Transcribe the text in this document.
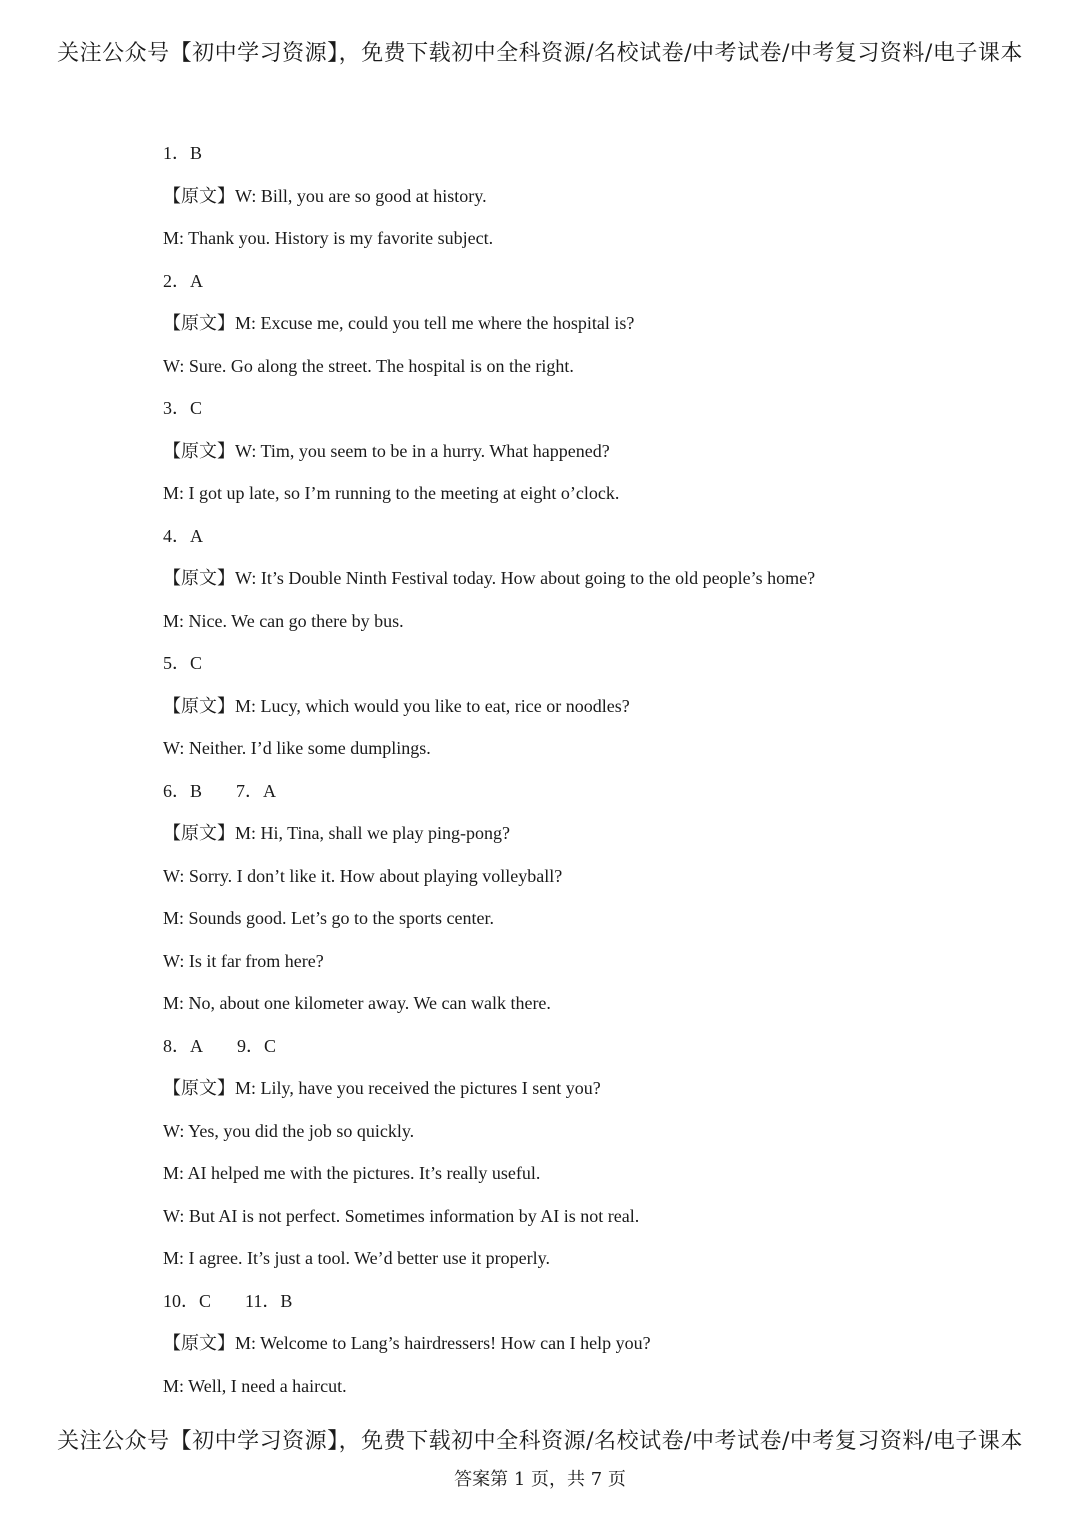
关注公众号【初中学习资源】，免费下载初中全科资源/名校试卷/中考试卷/中考复习资料/电子课本
1．B
【原文】W: Bill, you are so good at history.
M: Thank you. History is my favorite subject.
2．A
【原文】M: Excuse me, could you tell me where the hospital is?
W: Sure. Go along the street. The hospital is on the right.
3．C
【原文】W: Tim, you seem to be in a hurry. What happened?
M: I got up late, so I’m running to the meeting at eight o’clock.
4．A
【原文】W: It’s Double Ninth Festival today. How about going to the old people’s home?
M: Nice. We can go there by bus.
5．C
【原文】M: Lucy, which would you like to eat, rice or noodles?
W: Neither. I’d like some dumplings.
6．B 7．A
【原文】M: Hi, Tina, shall we play ping-pong?
W: Sorry. I don’t like it. How about playing volleyball?
M: Sounds good. Let’s go to the sports center.
W: Is it far from here?
M: No, about one kilometer away. We can walk there.
8．A 9．C
【原文】M: Lily, have you received the pictures I sent you?
W: Yes, you did the job so quickly.
M: AI helped me with the pictures. It’s really useful.
W: But AI is not perfect. Sometimes information by AI is not real.
M: I agree. It’s just a tool. We’d better use it properly.
10．C 11．B
【原文】M: Welcome to Lang’s hairdressers! How can I help you?
M: Well, I need a haircut.
关注公众号【初中学习资源】，免费下载初中全科资源/名校试卷/中考试卷/中考复习资料/电子课本
答案第 1 页，共 7 页
